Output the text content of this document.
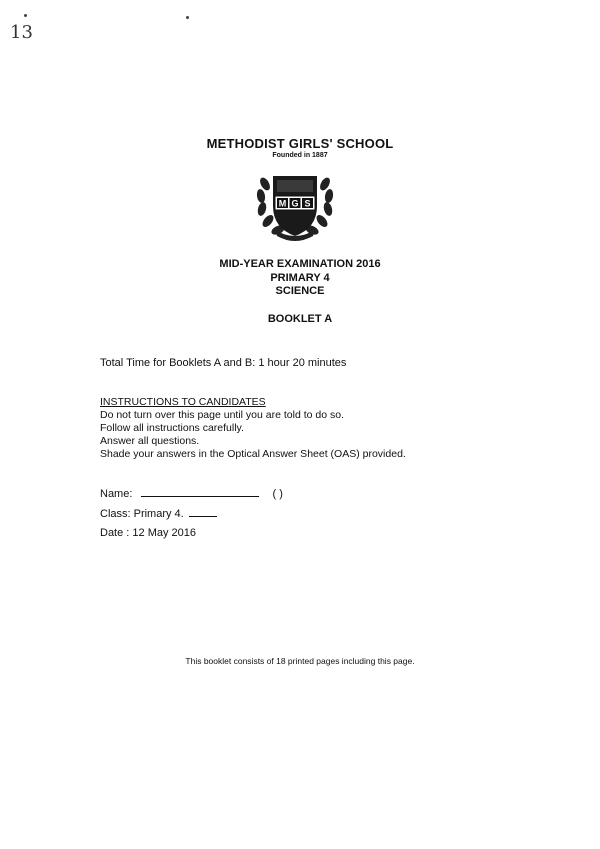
13
METHODIST GIRLS' SCHOOL
Founded in 1887
M G S
MID-YEAR EXAMINATION 2016
PRIMARY 4
SCIENCE
BOOKLET A
Total Time for Booklets A and B: 1 hour 20 minutes
INSTRUCTIONS TO CANDIDATES
Do not turn over this page until you are told to do so.
Follow all instructions carefully.
Answer all questions.
Shade your answers in the Optical Answer Sheet (OAS) provided.
Name:	( )
Class: Primary 4.
Date : 12 May 2016
This booklet consists of 18 printed pages including this page.
